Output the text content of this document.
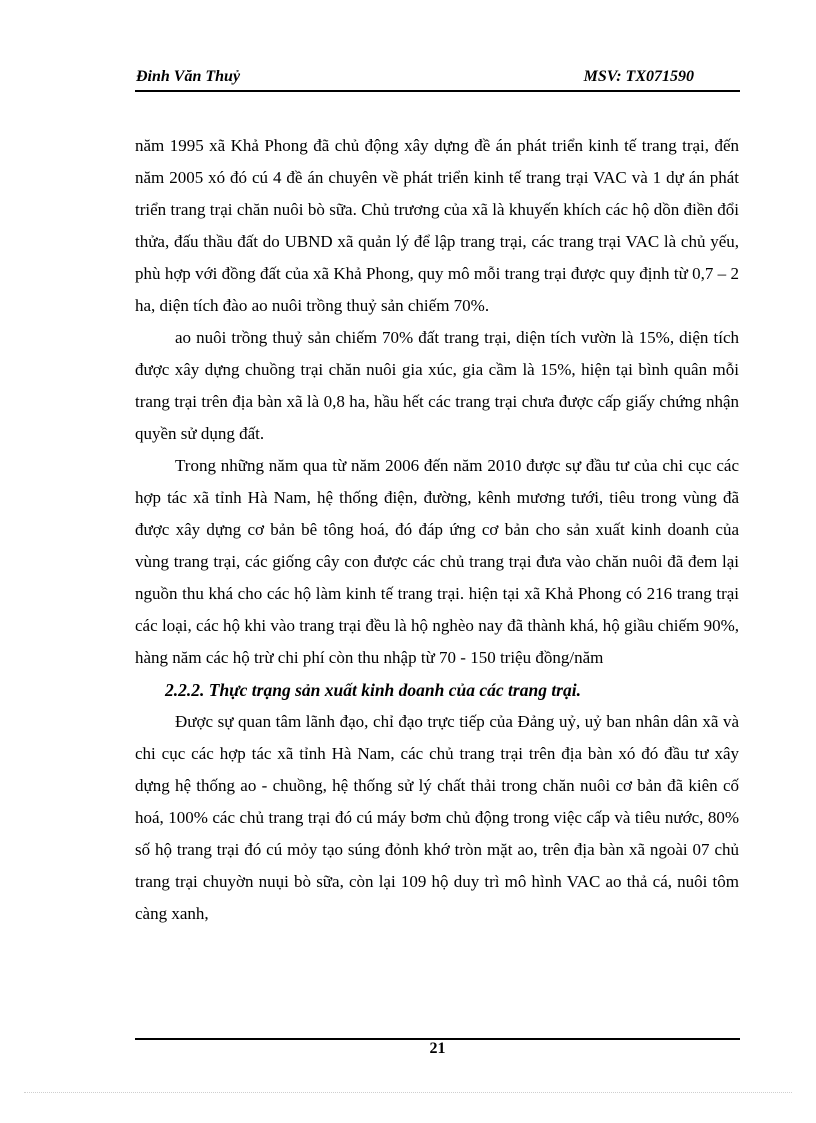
Đinh Văn Thuỷ	MSV: TX071590

năm 1995 xã Khả Phong đã chủ động xây dựng đề án phát triển kinh tế trang trại, đến năm 2005 xó đó cú 4 đề án chuyên về phát triển kinh tế trang trại VAC và 1 dự án phát triển trang trại chăn nuôi bò sữa. Chủ trương của xã là khuyến khích các hộ dồn điền đổi thửa, đấu thầu đất do UBND xã quản lý để lập trang trại, các trang trại VAC là chủ yếu, phù hợp với đồng đất của xã Khả Phong, quy mô mỗi trang trại được quy định từ 0,7 – 2 ha, diện tích đào ao nuôi trồng thuỷ sản chiếm 70%.

ao nuôi trồng thuỷ sản chiếm 70% đất trang trại, diện tích vườn là 15%, diện tích được xây dựng chuồng trại chăn nuôi gia xúc, gia cầm là 15%, hiện tại bình quân mỗi trang trại trên địa bàn xã là 0,8 ha, hầu hết các trang trại chưa được cấp giấy chứng nhận quyền sử dụng đất.

Trong những năm qua từ năm 2006 đến năm 2010 được sự đầu tư của chi cục các hợp tác xã tỉnh Hà Nam, hệ thống điện, đường, kênh mương tưới, tiêu trong vùng đã được xây dựng cơ bản bê tông hoá, đó đáp ứng cơ bản cho sản xuất kinh doanh của vùng trang trại, các giống cây con được các chủ trang trại đưa vào chăn nuôi đã đem lại nguồn thu khá cho các hộ làm kinh tế trang trại. hiện tại xã Khả Phong có 216 trang trại các loại, các hộ khi vào trang trại đều là hộ nghèo nay đã thành khá, hộ giầu chiếm 90%, hàng năm các hộ trừ chi phí còn thu nhập từ 70 - 150 triệu đồng/năm

2.2.2. Thực trạng sản xuất kinh doanh của các trang trại.

Được sự quan tâm lãnh đạo, chỉ đạo trực tiếp của Đảng uỷ, uỷ ban nhân dân xã và chi cục các hợp tác xã tỉnh Hà Nam, các chủ trang trại trên địa bàn xó đó đầu tư xây dựng hệ thống ao - chuồng, hệ thống sử lý chất thải trong chăn nuôi cơ bản đã kiên cố hoá, 100% các chủ trang trại đó cú máy bơm chủ động trong việc cấp và tiêu nước, 80% số hộ trang trại đó cú mỏy tạo súng đỏnh khớ tròn mặt ao, trên địa bàn xã ngoài 07 chủ trang trại chuyờn nuụi bò sữa, còn lại 109 hộ duy trì mô hình VAC ao thả cá, nuôi tôm càng xanh,

21
